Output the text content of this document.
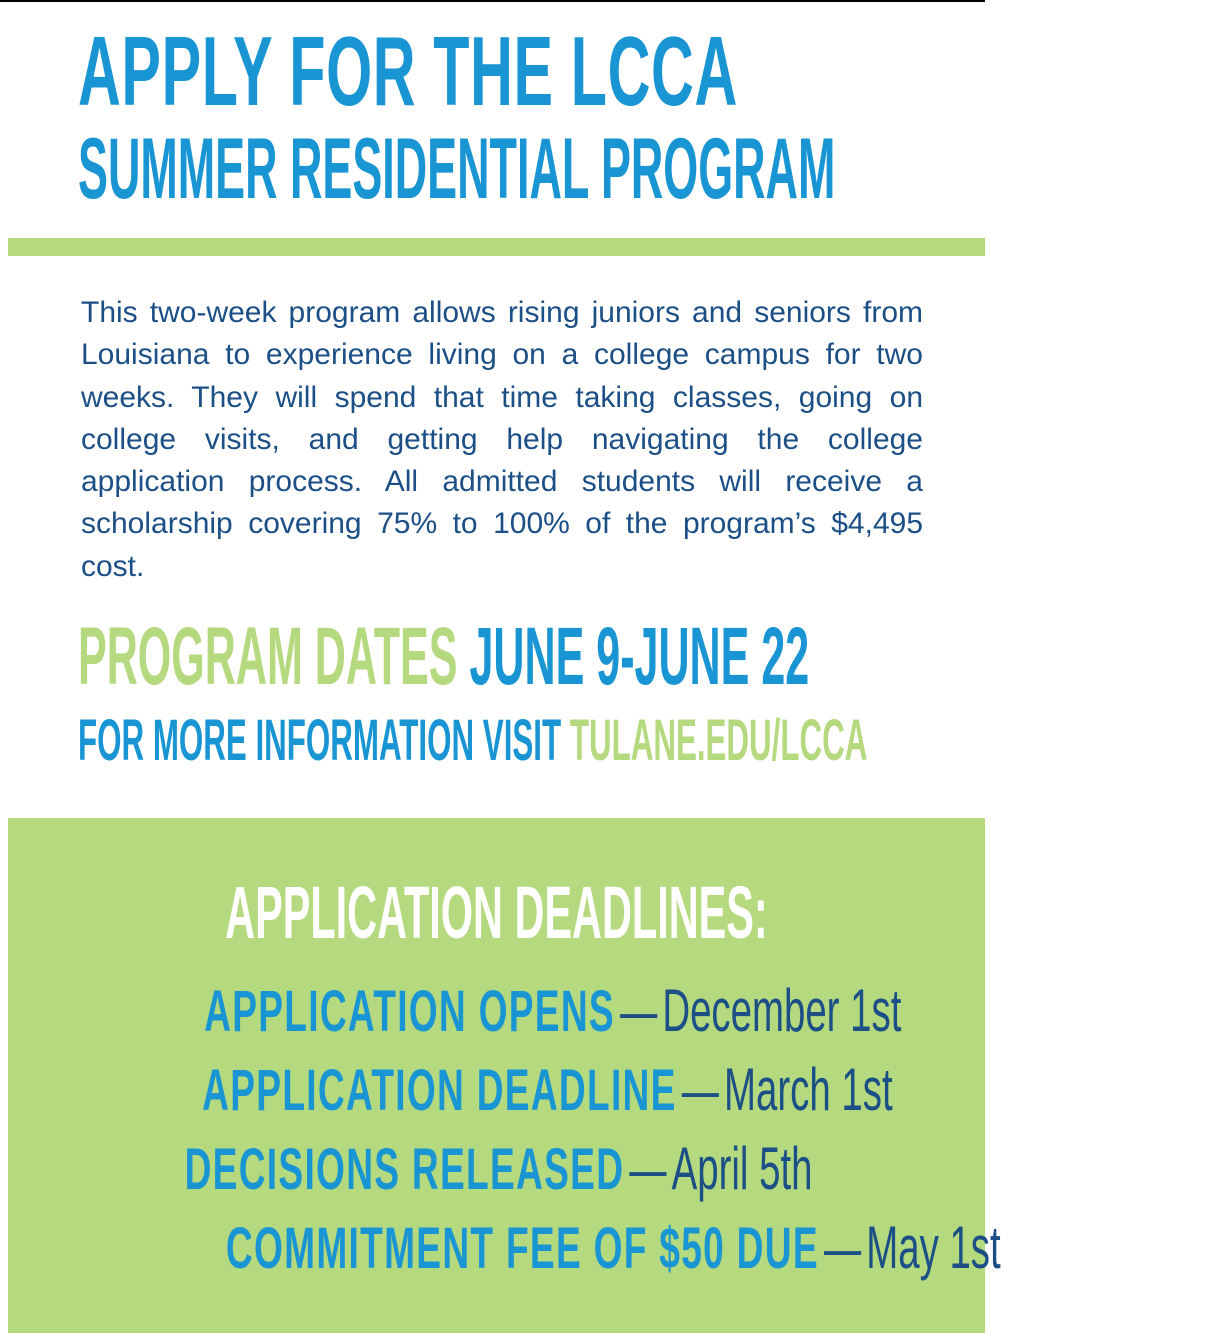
APPLY FOR THE LCCA
SUMMER RESIDENTIAL PROGRAM

This two-week program allows rising juniors and seniors from Louisiana to experience living on a college campus for two weeks. They will spend that time taking classes, going on college visits, and getting help navigating the college application process. All admitted students will receive a scholarship covering 75% to 100% of the program’s $4,495 cost.

PROGRAM DATES JUNE 9-JUNE 22
FOR MORE INFORMATION VISIT TULANE.EDU/LCCA
APPLICATION DEADLINES:
APPLICATION OPENS—December 1st
APPLICATION DEADLINE—March 1st
DECISIONS RELEASED—April 5th
COMMITMENT FEE OF $50 DUE—May 1st
